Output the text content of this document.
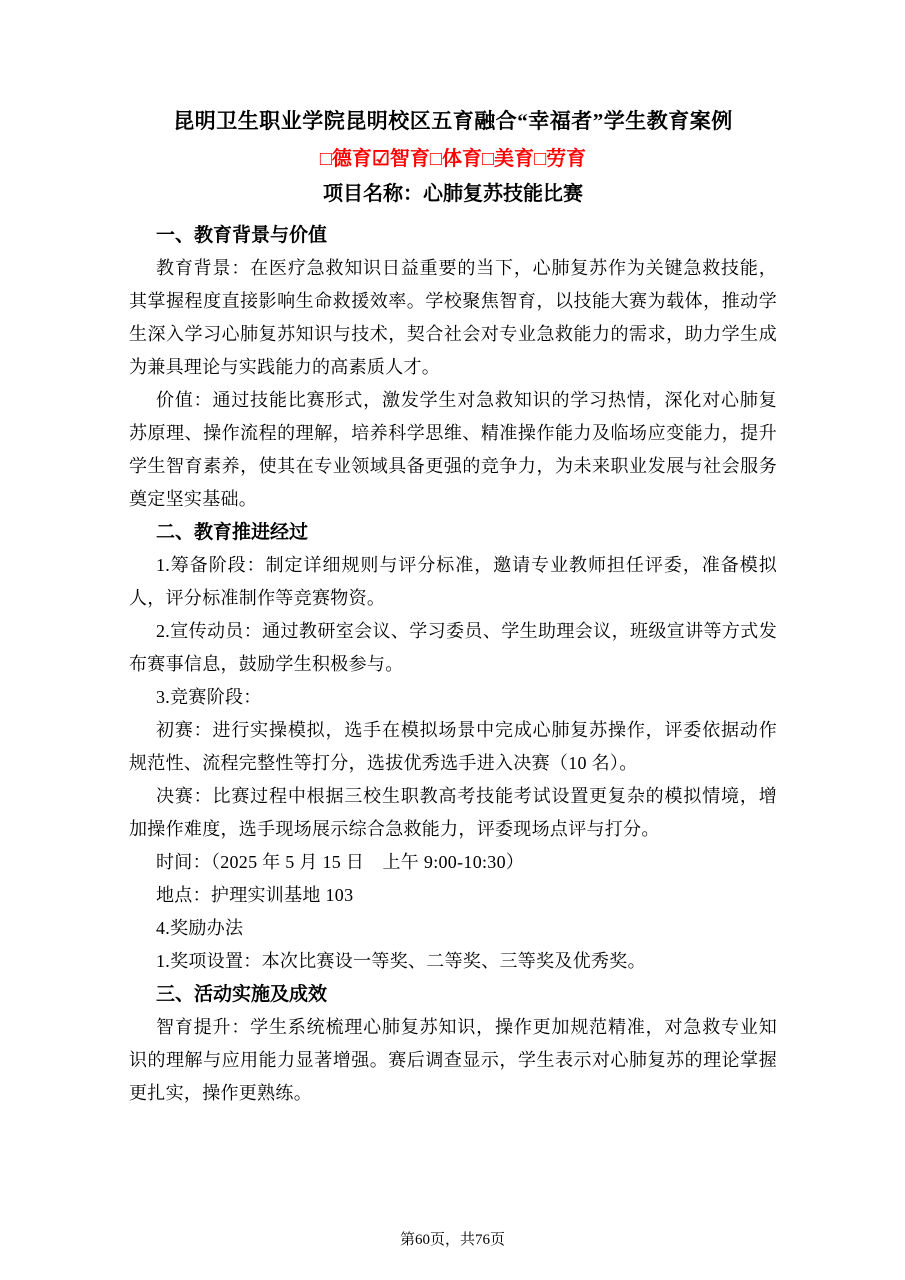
昆明卫生职业学院昆明校区五育融合“幸福者”学生教育案例
□德育☑智育□体育□美育□劳育
项目名称：心肺复苏技能比赛
一、教育背景与价值

教育背景：在医疗急救知识日益重要的当下，心肺复苏作为关键急救技能，其掌握程度直接影响生命救援效率。学校聚焦智育，以技能大赛为载体，推动学生深入学习心肺复苏知识与技术，契合社会对专业急救能力的需求，助力学生成为兼具理论与实践能力的高素质人才。

价值：通过技能比赛形式，激发学生对急救知识的学习热情，深化对心肺复苏原理、操作流程的理解，培养科学思维、精准操作能力及临场应变能力，提升学生智育素养，使其在专业领域具备更强的竞争力，为未来职业发展与社会服务奠定坚实基础。

二、教育推进经过

1.筹备阶段：制定详细规则与评分标准，邀请专业教师担任评委，准备模拟人，评分标准制作等竞赛物资。

2.宣传动员：通过教研室会议、学习委员、学生助理会议，班级宣讲等方式发布赛事信息，鼓励学生积极参与。

3.竞赛阶段：

初赛：进行实操模拟，选手在模拟场景中完成心肺复苏操作，评委依据动作规范性、流程完整性等打分，选拔优秀选手进入决赛（10 名）。

决赛：比赛过程中根据三校生职教高考技能考试设置更复杂的模拟情境，增加操作难度，选手现场展示综合急救能力，评委现场点评与打分。

时间：（2025 年 5 月 15 日　上午 9:00-10:30）

地点：护理实训基地 103

4.奖励办法

1.奖项设置：本次比赛设一等奖、二等奖、三等奖及优秀奖。

三、活动实施及成效

智育提升：学生系统梳理心肺复苏知识，操作更加规范精准，对急救专业知识的理解与应用能力显著增强。赛后调查显示，学生表示对心肺复苏的理论掌握更扎实，操作更熟练。

第60页，共76页
